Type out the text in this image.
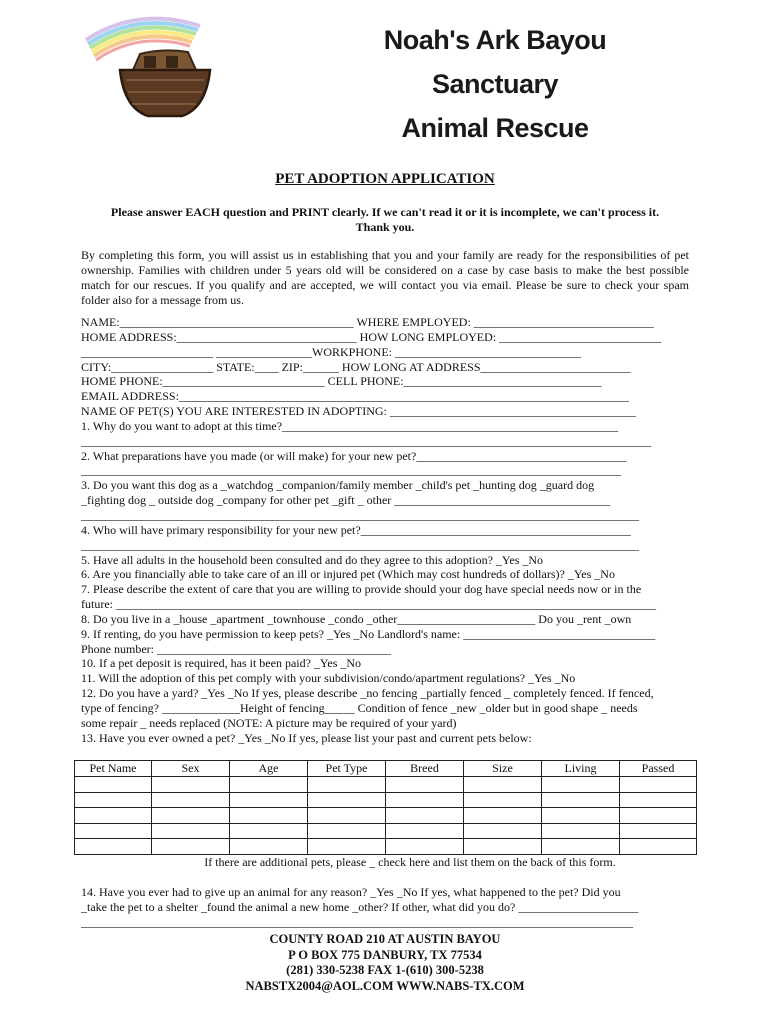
Noah's Ark Bayou Sanctuary
Animal Rescue
PET ADOPTION APPLICATION
Please answer EACH question and PRINT clearly. If we can't read it or it is incomplete, we can't process it.
Thank you.
By completing this form, you will assist us in establishing that you and your family are ready for the responsibilities of pet ownership. Families with children under 5 years old will be considered on a case by case basis to make the best possible match for our rescues. If you qualify and are accepted, we will contact you via email. Please be sure to check your spam folder also for a message from us.
NAME:_______________________________________ WHERE EMPLOYED: ______________________________
HOME ADDRESS:______________________________ HOW LONG EMPLOYED: ___________________________
______________________ ________________WORKPHONE: _______________________________
CITY:_________________ STATE:____ ZIP:______ HOW LONG AT ADDRESS_________________________
HOME PHONE:___________________________ CELL PHONE:_________________________________
EMAIL ADDRESS:___________________________________________________________________________
NAME OF PET(S) YOU ARE INTERESTED IN ADOPTING: _________________________________________
1. Why do you want to adopt at this time?________________________________________________________
_______________________________________________________________________________________________
2. What preparations have you made (or will make) for your new pet?___________________________________
__________________________________________________________________________________________
3. Do you want this dog as a _watchdog _companion/family member _child's pet _hunting dog _guard dog
_fighting dog _ outside dog _company for other pet _gift _ other ____________________________________
_____________________________________________________________________________________________
4. Who will have primary responsibility for your new pet?_____________________________________________
_____________________________________________________________________________________________
5. Have all adults in the household been consulted and do they agree to this adoption? _Yes _No
6. Are you financially able to take care of an ill or injured pet (Which may cost hundreds of dollars)? _Yes _No
7. Please describe the extent of care that you are willing to provide should your dog have special needs now or in the
future: __________________________________________________________________________________________
8. Do you live in a _house _apartment _townhouse _condo _other_______________________ Do you _rent _own
9. If renting, do you have permission to keep pets? _Yes _No Landlord's name: ________________________________
Phone number: _______________________________________
10. If a pet deposit is required, has it been paid? _Yes _No
11. Will the adoption of this pet comply with your subdivision/condo/apartment regulations? _Yes _No
12. Do you have a yard? _Yes _No If yes, please describe _no fencing _partially fenced _ completely fenced. If fenced,
type of fencing? _____________Height of fencing_____ Condition of fence _new _older but in good shape _ needs
some repair _ needs replaced (NOTE: A picture may be required of your yard)
13. Have you ever owned a pet? _Yes _No If yes, please list your past and current pets below:
Pet Name	Sex	Age	Pet Type	Breed	Size	Living	Passed

If there are additional pets, please _ check here and list them on the back of this form.
14. Have you ever had to give up an animal for any reason? _Yes _No If yes, what happened to the pet? Did you
_take the pet to a shelter _found the animal a new home _other? If other, what did you do? ____________________
____________________________________________________________________________________________
COUNTY ROAD 210 AT AUSTIN BAYOU
P O BOX 775 DANBURY, TX 77534
(281) 330-5238 FAX 1-(610) 300-5238
NABSTX2004@AOL.COM WWW.NABS-TX.COM
